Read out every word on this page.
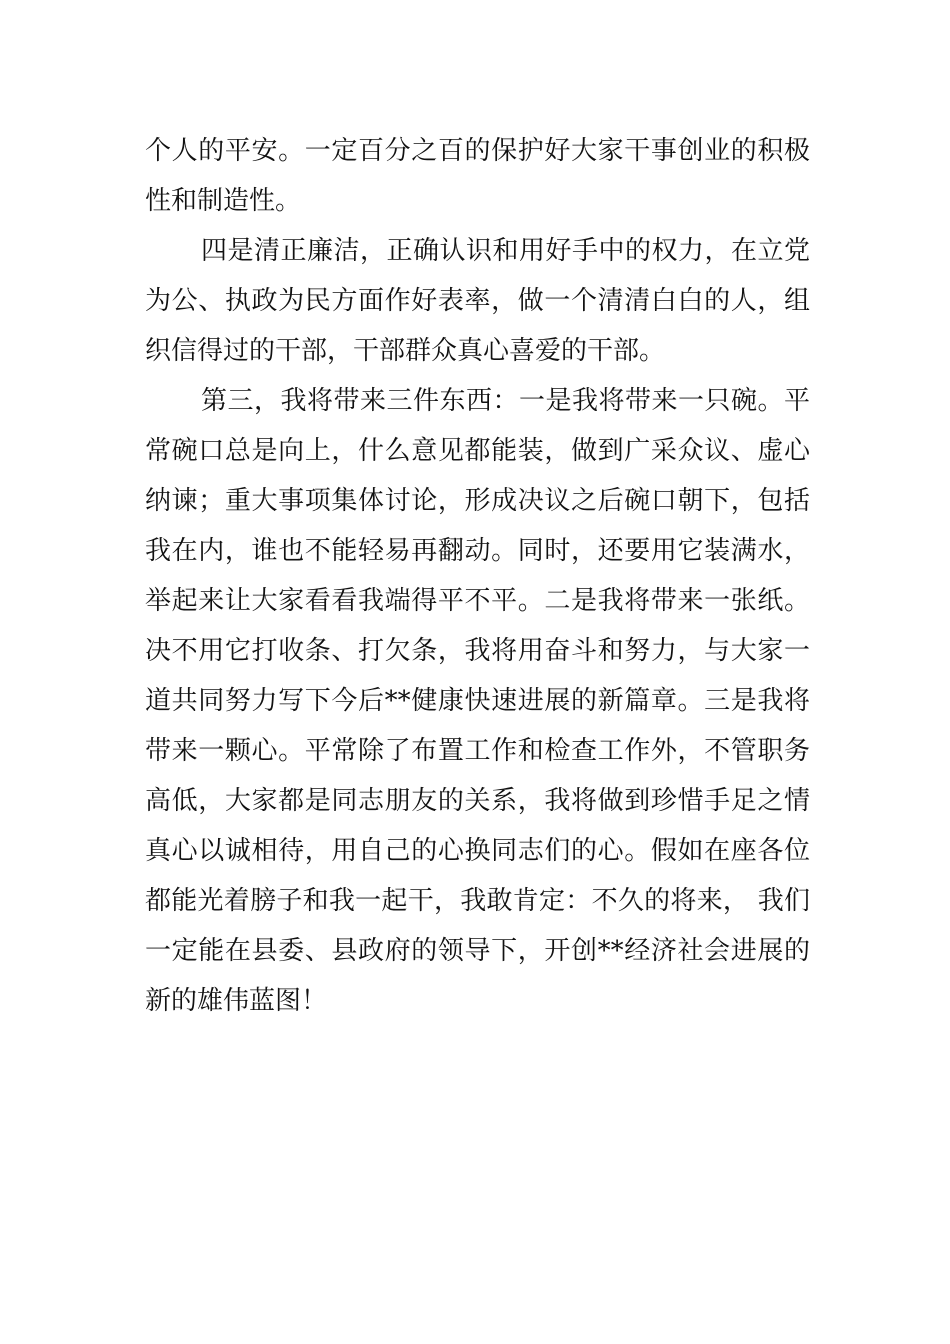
个人的平安。一定百分之百的保护好大家干事创业的积极
性和制造性。
四是清正廉洁，正确认识和用好手中的权力，在立党
为公、执政为民方面作好表率，做一个清清白白的人，组
织信得过的干部，干部群众真心喜爱的干部。
第三，我将带来三件东西：一是我将带来一只碗。平
常碗口总是向上，什么意见都能装，做到广采众议、虚心
纳谏；重大事项集体讨论，形成决议之后碗口朝下，包括
我在内，谁也不能轻易再翻动。同时，还要用它装满水，
举起来让大家看看我端得平不平。二是我将带来一张纸。
决不用它打收条、打欠条，我将用奋斗和努力，与大家一
道共同努力写下今后**健康快速进展的新篇章。三是我将
带来一颗心。平常除了布置工作和检查工作外，不管职务
高低，大家都是同志朋友的关系，我将做到珍惜手足之情
真心以诚相待，用自己的心换同志们的心。假如在座各位
都能光着膀子和我一起干，我敢肯定：不久的将来， 我们
一定能在县委、县政府的领导下，开创**经济社会进展的
新的雄伟蓝图！
